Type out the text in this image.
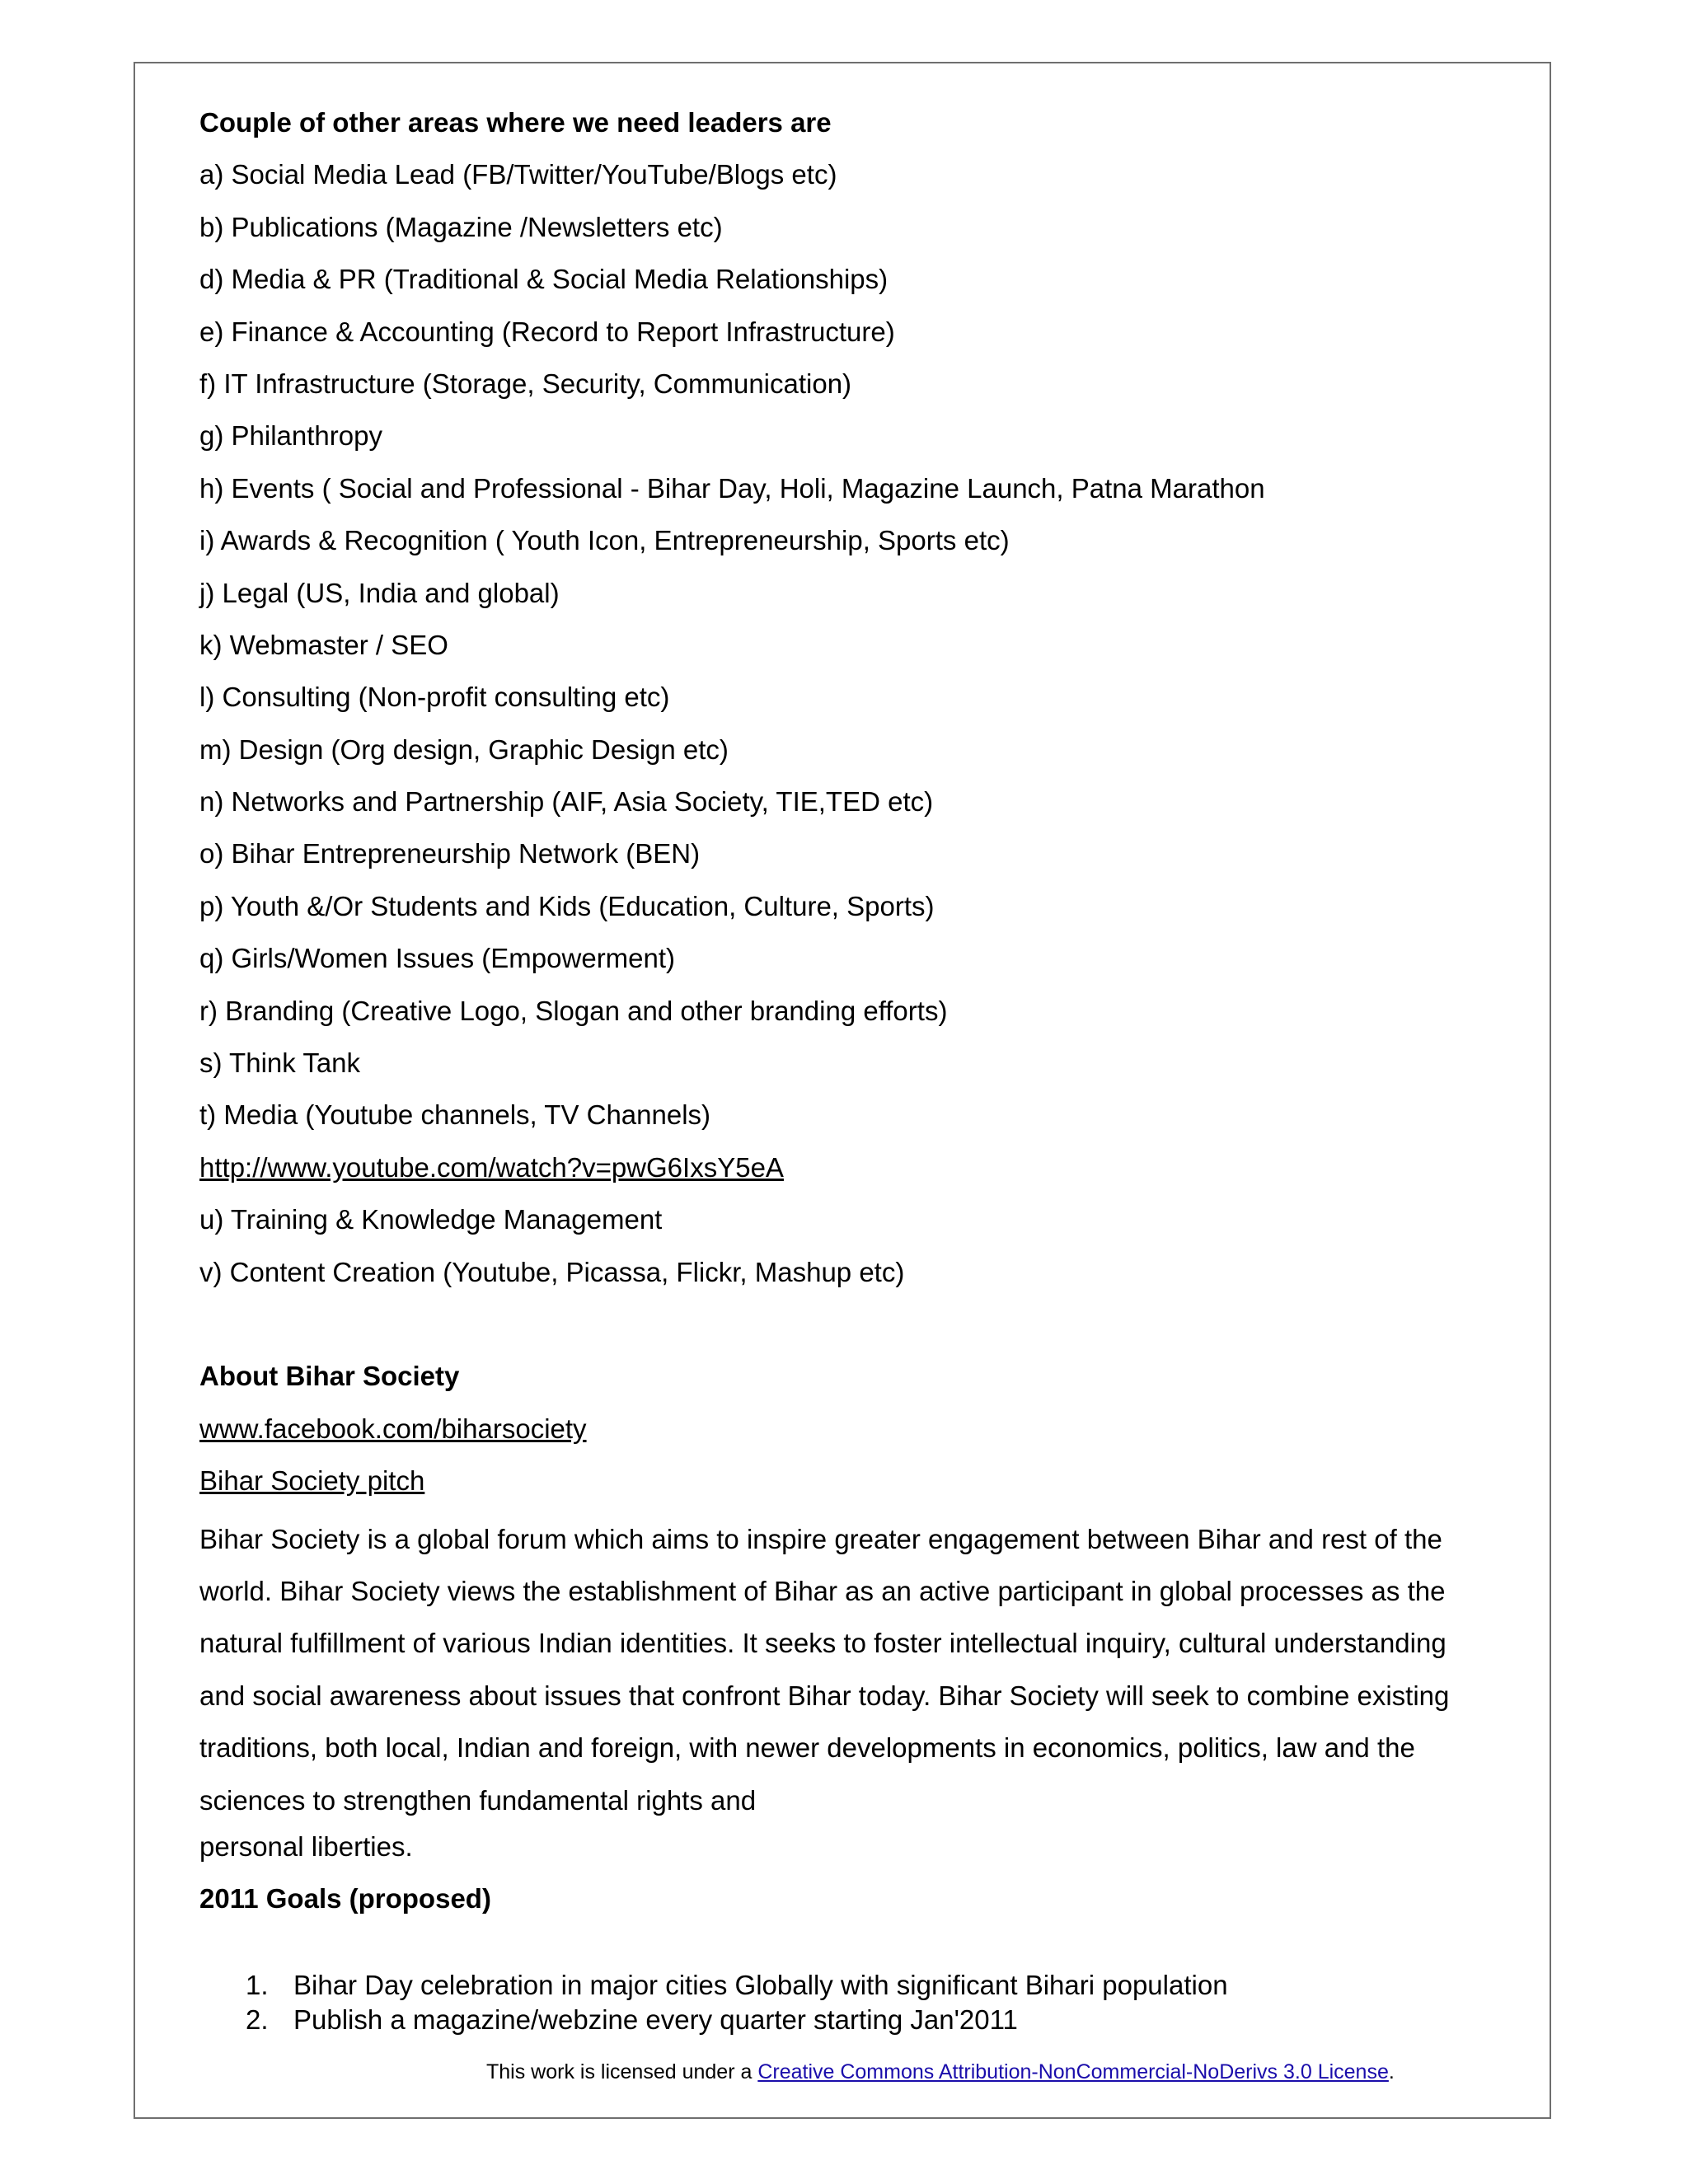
Couple of other areas where we need leaders are
a) Social Media Lead (FB/Twitter/YouTube/Blogs etc)
b) Publications (Magazine /Newsletters etc)
d) Media & PR (Traditional & Social Media Relationships)
e) Finance & Accounting (Record to Report Infrastructure)
f) IT Infrastructure (Storage, Security, Communication)
g) Philanthropy
h) Events ( Social and Professional - Bihar Day, Holi, Magazine Launch, Patna Marathon
i) Awards & Recognition ( Youth Icon, Entrepreneurship, Sports etc)
j) Legal (US, India and global)
k) Webmaster / SEO
l) Consulting (Non-profit consulting etc)
m) Design (Org design, Graphic Design etc)
n) Networks and Partnership (AIF, Asia Society, TIE,TED etc)
o) Bihar Entrepreneurship Network (BEN)
p) Youth &/Or Students and Kids (Education, Culture, Sports)
q) Girls/Women Issues (Empowerment)
r) Branding (Creative Logo, Slogan and other branding efforts)
s) Think Tank
t) Media (Youtube channels, TV Channels)
http://www.youtube.com/watch?v=pwG6IxsY5eA
u) Training & Knowledge Management
v) Content Creation (Youtube, Picassa, Flickr, Mashup etc)
About Bihar Society
www.facebook.com/biharsociety
Bihar Society pitch

Bihar Society is a global forum which aims to inspire greater engagement between Bihar and rest of the world. Bihar Society views the establishment of Bihar as an active participant in global processes as the natural fulfillment of various Indian identities. It seeks to foster intellectual inquiry, cultural understanding and social awareness about issues that confront Bihar today. Bihar Society will seek to combine existing traditions, both local, Indian and foreign, with newer developments in economics, politics, law and the sciences to strengthen fundamental rights and

personal liberties.
2011 Goals (proposed)
1. Bihar Day celebration in major cities Globally with significant Bihari population
2. Publish a magazine/webzine every quarter starting Jan'2011
This work is licensed under a Creative Commons Attribution-NonCommercial-NoDerivs 3.0 License.
